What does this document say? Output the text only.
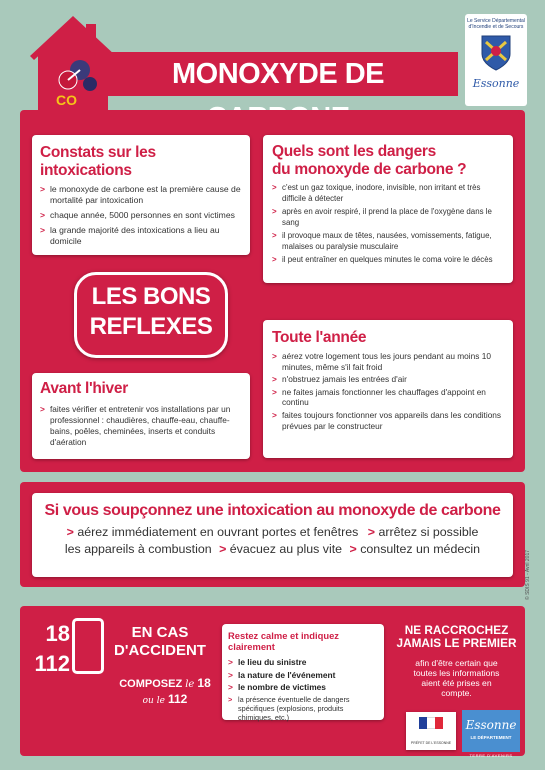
CO
MONOXYDE DE
Le Service Départemental
d'Incendie et de Secours
Essonne
Constats sur les intoxications
> le monoxyde de carbone est la première cause de mortalité par intoxication
> chaque année, 5000 personnes en sont victimes
> la grande majorité des intoxications a lieu au domicile
Quels sont les dangers
du monoxyde de carbone ?
> c'est un gaz toxique, inodore, invisible, non irritant et très difficile à détecter
> après en avoir respiré, il prend la place de l'oxygène dans le sang
> il provoque maux de têtes, nausées, vomissements, fatigue, malaises ou paralysie musculaire
> il peut entraîner en quelques minutes le coma voire le décès
LES BONS
REFLEXES
Avant l'hiver
> faites vérifier et entretenir vos installations par un professionnel : chaudières, chauffe-eau, chauffe-bains, poêles, cheminées, inserts et conduits d'aération
Toute l'année
> aérez votre logement tous les jours pendant au moins 10 minutes, même s'il fait froid
> n'obstruez jamais les entrées d'air
> ne faites jamais fonctionner les chauffages d'appoint en continu
> faites toujours fonctionner vos appareils dans les conditions prévues par le constructeur
Si vous soupçonnez une intoxication au monoxyde de carbone
> aérez immédiatement en ouvrant portes et fenêtres > arrêtez si possible
les appareils à combustion > évacuez au plus vite > consultez un médecin
© SDIS 91 - Avril 2017
18
112
EN CAS
D'ACCIDENT
COMPOSEZ le 18
ou le 112
Restez calme et indiquez clairement
> le lieu du sinistre
> la nature de l'événement
> le nombre de victimes
> la présence éventuelle de dangers spécifiques (explosions, produits chimiques, etc.)
NE RACCROCHEZ
JAMAIS LE PREMIER
afin d'être certain que toutes les informations aient été prises en compte.
PRÉFET DE L'ESSONNE
Essonne
LE DÉPARTEMENT
TERRE D'AVENIRS
